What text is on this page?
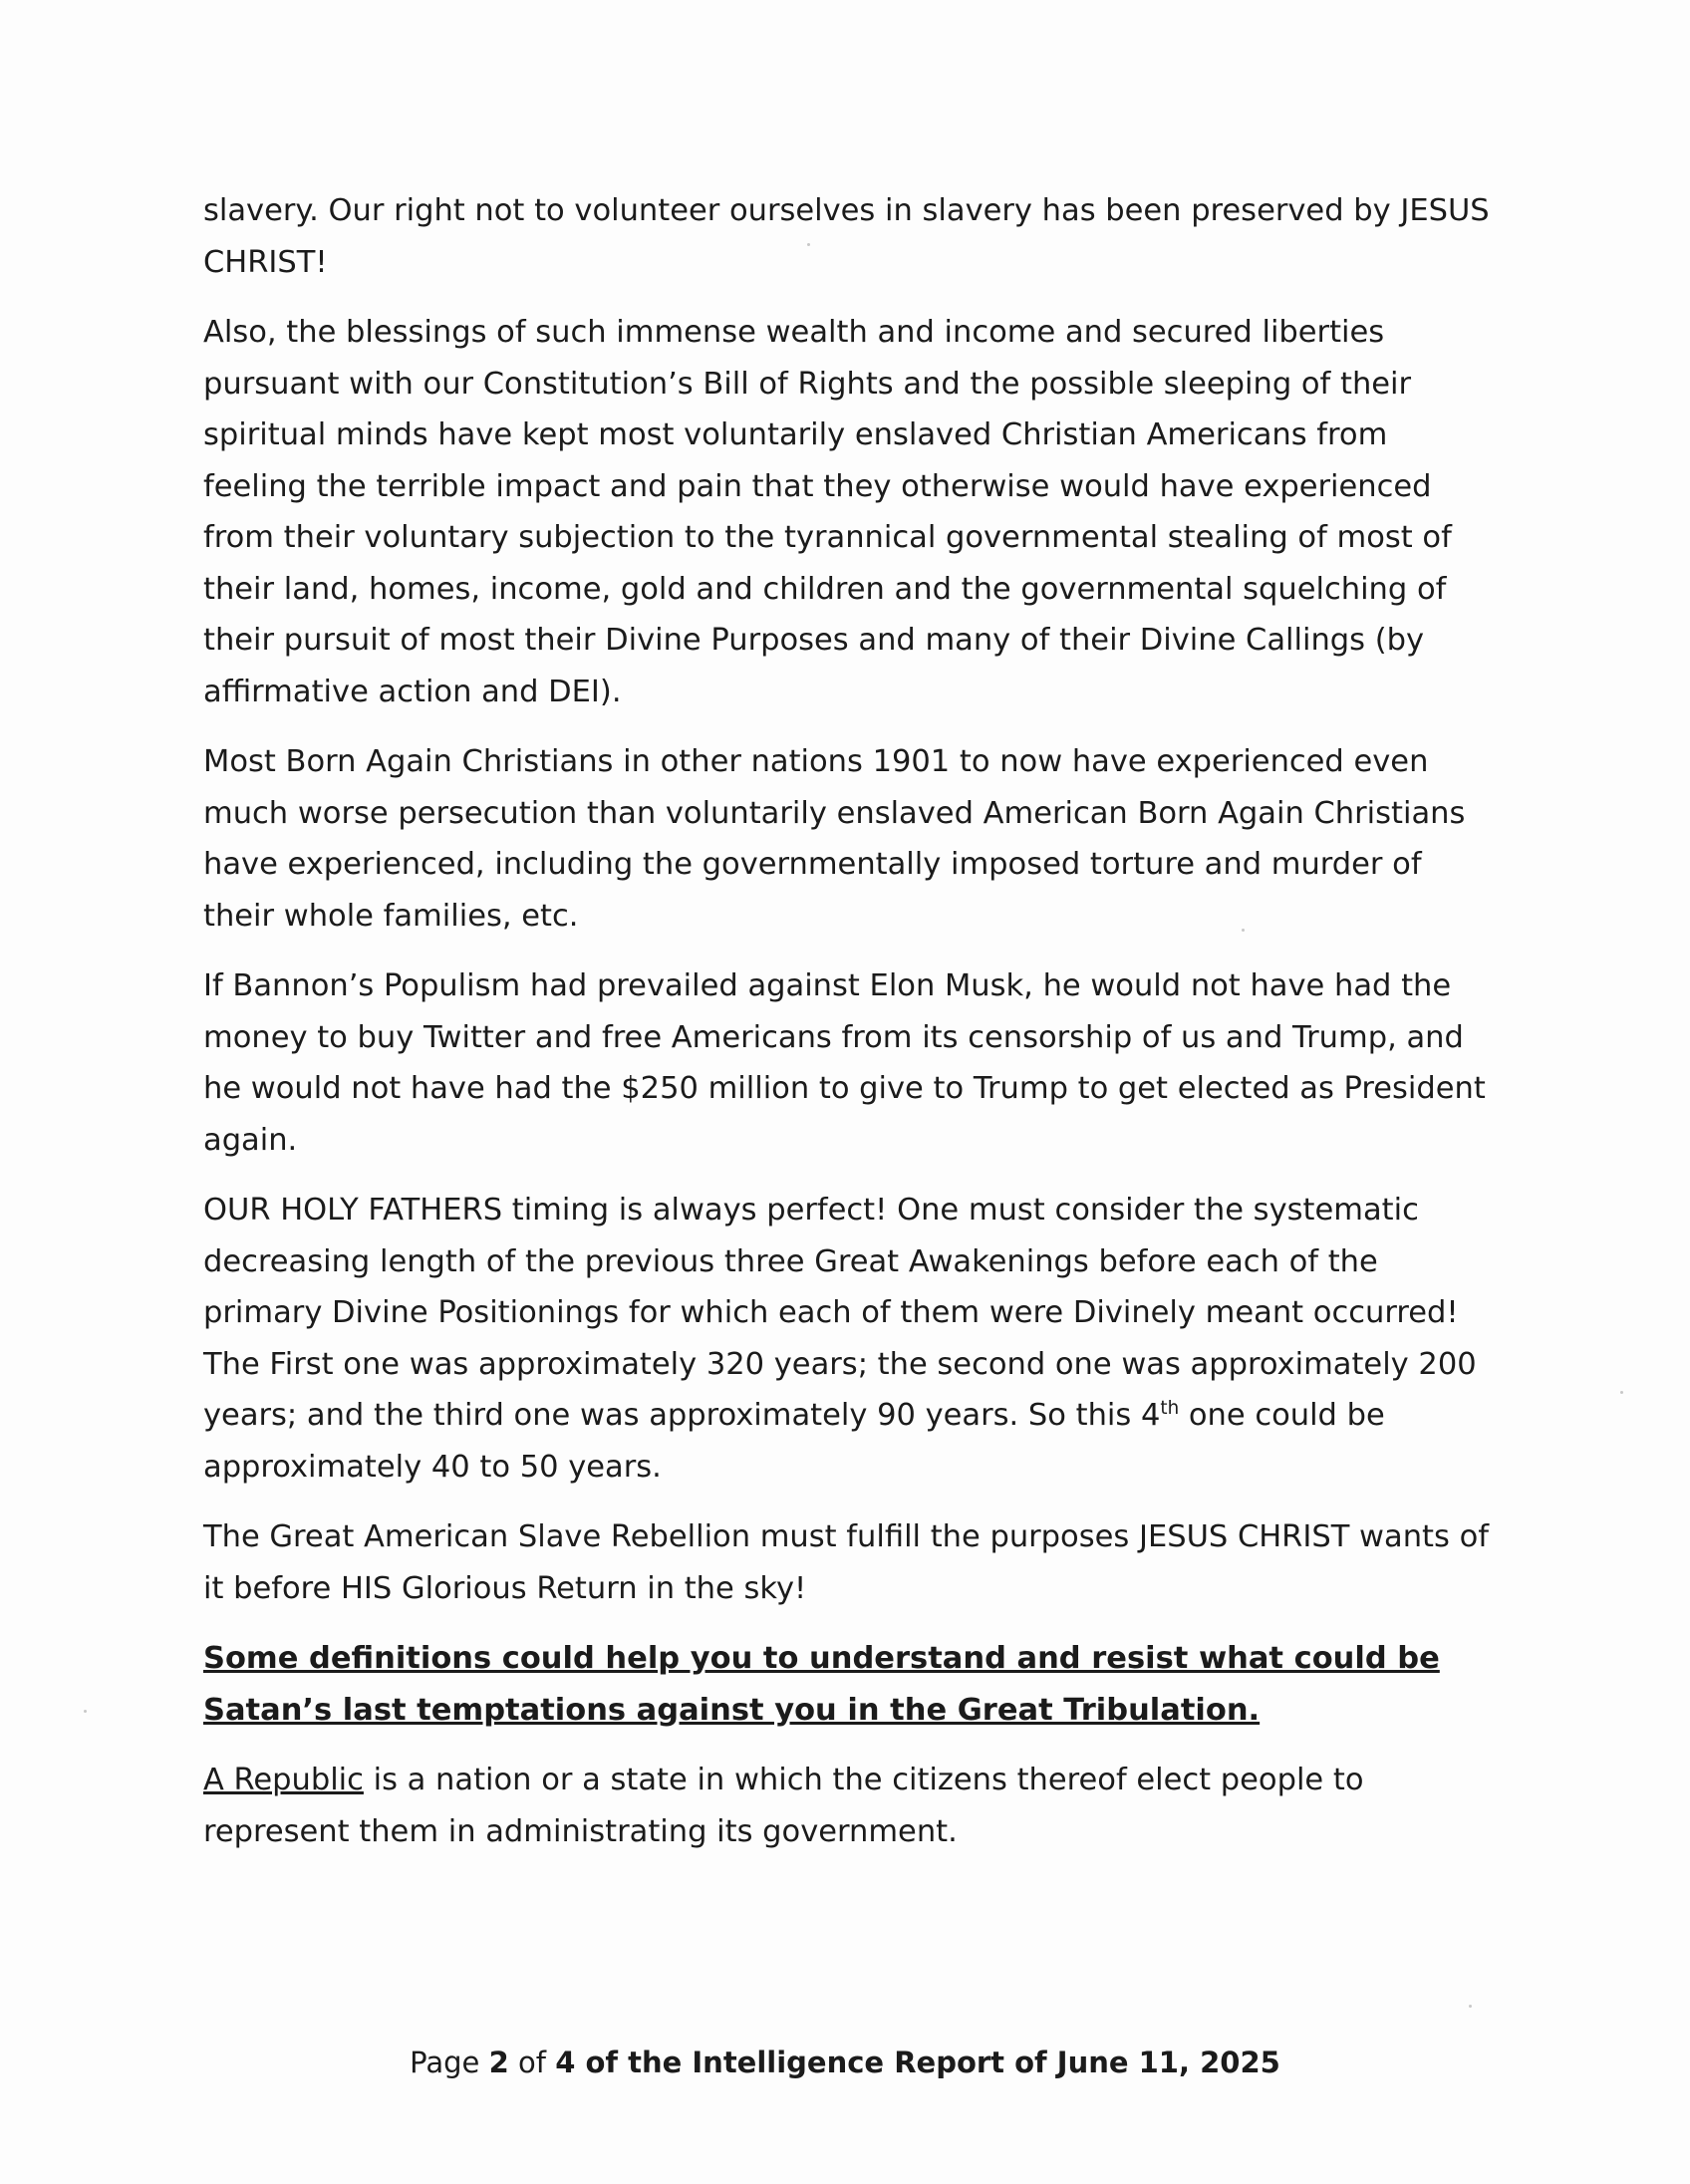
slavery. Our right not to volunteer ourselves in slavery has been preserved by JESUS CHRIST!

Also, the blessings of such immense wealth and income and secured liberties pursuant with our Constitution’s Bill of Rights and the possible sleeping of their spiritual minds have kept most voluntarily enslaved Christian Americans from feeling the terrible impact and pain that they otherwise would have experienced from their voluntary subjection to the tyrannical governmental stealing of most of their land, homes, income, gold and children and the governmental squelching of their pursuit of most their Divine Purposes and many of their Divine Callings (by affirmative action and DEI).

Most Born Again Christians in other nations 1901 to now have experienced even much worse persecution than voluntarily enslaved American Born Again Christians have experienced, including the governmentally imposed torture and murder of their whole families, etc.

If Bannon’s Populism had prevailed against Elon Musk, he would not have had the money to buy Twitter and free Americans from its censorship of us and Trump, and he would not have had the $250 million to give to Trump to get elected as President again.

OUR HOLY FATHERS timing is always perfect! One must consider the systematic decreasing length of the previous three Great Awakenings before each of the primary Divine Positionings for which each of them were Divinely meant occurred! The First one was approximately 320 years; the second one was approximately 200 years; and the third one was approximately 90 years. So this 4th one could be approximately 40 to 50 years.

The Great American Slave Rebellion must fulfill the purposes JESUS CHRIST wants of it before HIS Glorious Return in the sky!

Some definitions could help you to understand and resist what could be Satan’s last temptations against you in the Great Tribulation.

A Republic is a nation or a state in which the citizens thereof elect people to represent them in administrating its government.

Page 2 of 4 of the Intelligence Report of June 11, 2025
